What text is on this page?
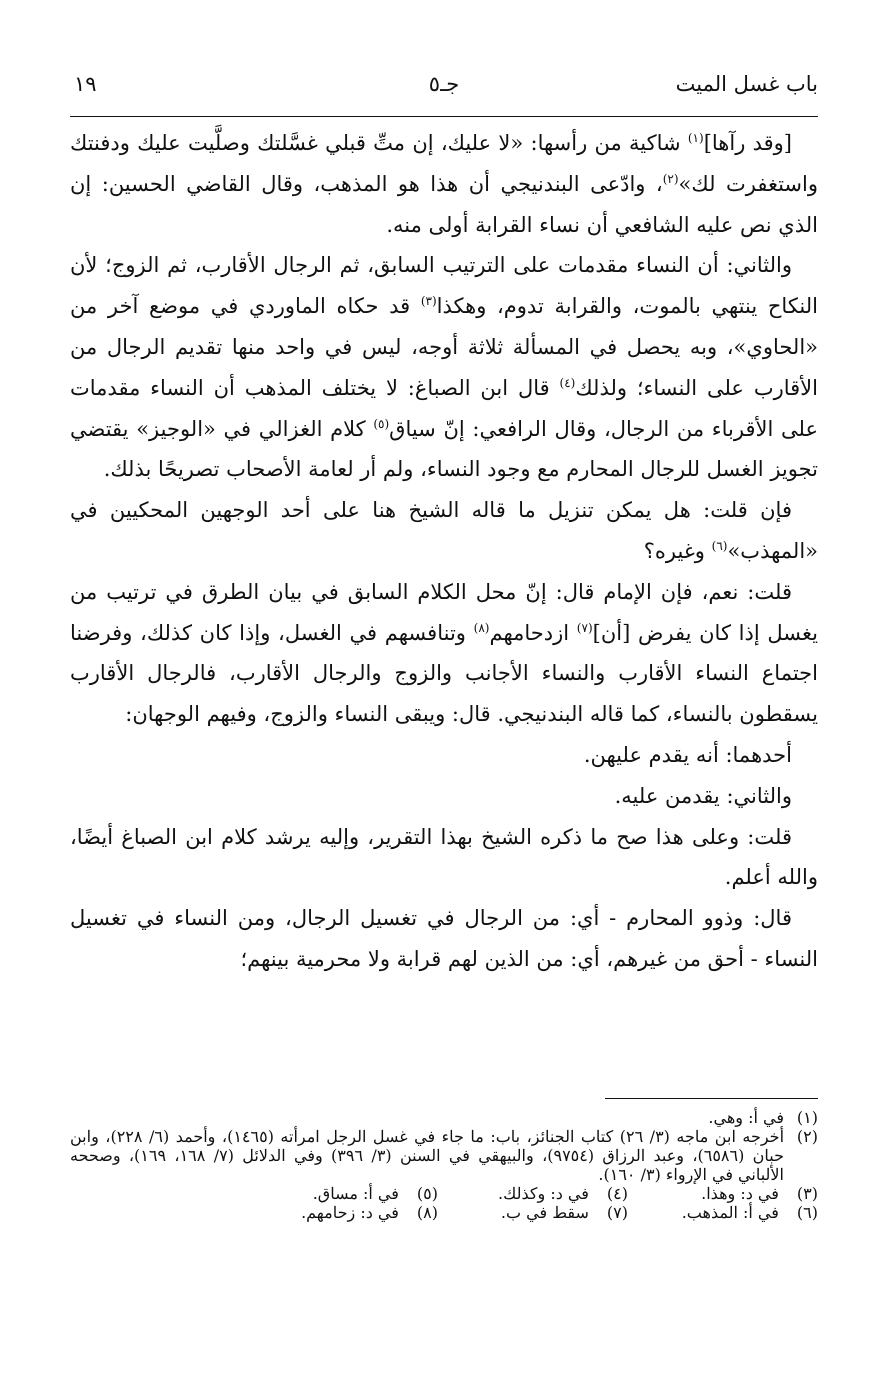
باب غسل الميت
جـ٥
١٩

[وقد رآها]$^{(١)}$ شاكية من رأسها: «لا عليك، إن متِّ قبلي غسَّلتك وصلَّيت عليك ودفنتك واستغفرت لك»$^{(٢)}$، وادّعى البندنيجي أن هذا هو المذهب، وقال القاضي الحسين: إن الذي نص عليه الشافعي أن نساء القرابة أولى منه.

والثاني: أن النساء مقدمات على الترتيب السابق، ثم الرجال الأقارب، ثم الزوج؛ لأن النكاح ينتهي بالموت، والقرابة تدوم، وهكذا$^{(٣)}$ قد حكاه الماوردي في موضع آخر من «الحاوي»، وبه يحصل في المسألة ثلاثة أوجه، ليس في واحد منها تقديم الرجال من الأقارب على النساء؛ ولذلك$^{(٤)}$ قال ابن الصباغ: لا يختلف المذهب أن النساء مقدمات على الأقرباء من الرجال، وقال الرافعي: إنّ سياق$^{(٥)}$ كلام الغزالي في «الوجيز» يقتضي تجويز الغسل للرجال المحارم مع وجود النساء، ولم أر لعامة الأصحاب تصريحًا بذلك.

فإن قلت: هل يمكن تنزيل ما قاله الشيخ هنا على أحد الوجهين المحكيين في «المهذب»$^{(٦)}$ وغيره؟

قلت: نعم، فإن الإمام قال: إنّ محل الكلام السابق في بيان الطرق في ترتيب من يغسل إذا كان يفرض [أن]$^{(٧)}$ ازدحامهم$^{(٨)}$ وتنافسهم في الغسل، وإذا كان كذلك، وفرضنا اجتماع النساء الأقارب والنساء الأجانب والزوج والرجال الأقارب، فالرجال الأقارب يسقطون بالنساء، كما قاله البندنيجي. قال: ويبقى النساء والزوج، وفيهم الوجهان:

أحدهما: أنه يقدم عليهن.

والثاني: يقدمن عليه.

قلت: وعلى هذا صح ما ذكره الشيخ بهذا التقرير، وإليه يرشد كلام ابن الصباغ أيضًا، والله أعلم.

قال: وذوو المحارم - أي: من الرجال في تغسيل الرجال، ومن النساء في تغسيل النساء - أحق من غيرهم، أي: من الذين لهم قرابة ولا محرمية بينهم؛

(١)
في أ: وهي.
(٢)
أخرجه ابن ماجه (٣/ ٢٦) كتاب الجنائز، باب: ما جاء في غسل الرجل امرأته (١٤٦٥)، وأحمد (٦/ ٢٢٨)، وابن حبان (٦٥٨٦)، وعبد الرزاق (٩٧٥٤)، والبيهقي في السنن (٣/ ٣٩٦) وفي الدلائل (٧/ ١٦٨، ١٦٩)، وصححه الألباني في الإرواء (٣/ ١٦٠).
(٣) في د: وهذا.
(٤) في د: وكذلك.
(٥) في أ: مساق.
(٦) في أ: المذهب.
(٧) سقط في ب.
(٨) في د: زحامهم.
